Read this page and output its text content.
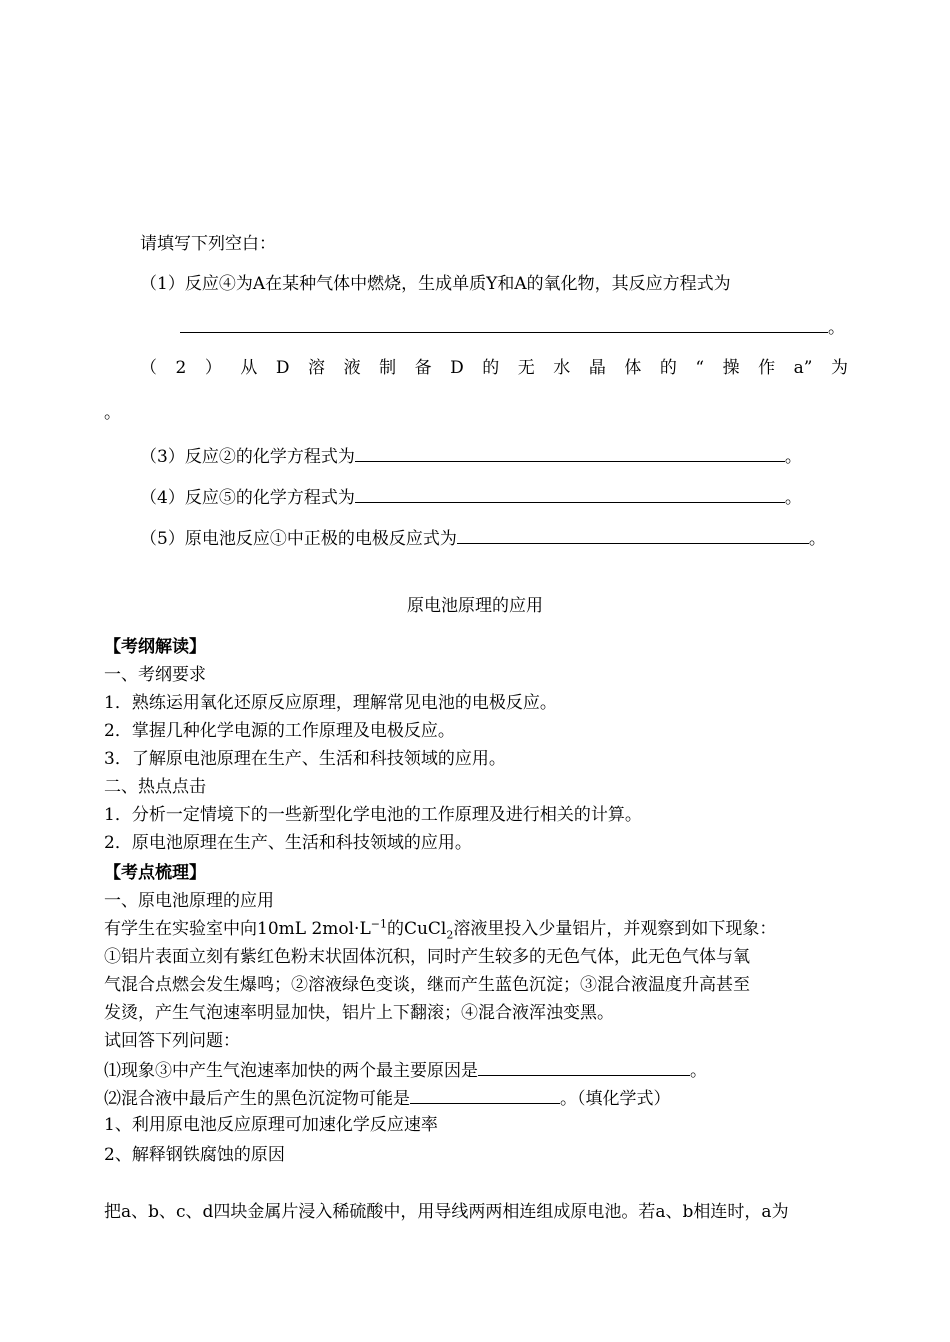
请填写下列空白：
（1）反应④为A在某种气体中燃烧，生成单质Y和A的氧化物，其反应方程式为
。
（ 2 ） 从 D 溶 液 制 备 D 的 无 水 晶 体 的 “ 操 作 a” 为
。
（3）反应②的化学方程式为	。
（4）反应⑤的化学方程式为	。
（5）原电池反应①中正极的电极反应式为	。
原电池原理的应用
【考纲解读】
一、考纲要求
1．熟练运用氧化还原反应原理，理解常见电池的电极反应。
2．掌握几种化学电源的工作原理及电极反应。
3．了解原电池原理在生产、生活和科技领域的应用。
二、热点点击
1．分析一定情境下的一些新型化学电池的工作原理及进行相关的计算。
2．原电池原理在生产、生活和科技领域的应用。
【考点梳理】
一、原电池原理的应用
有学生在实验室中向10mL $2mol\cdot L^{-1}$的CuCl$_2$溶液里投入少量铝片，并观察到如下现象：
①铝片表面立刻有紫红色粉末状固体沉积，同时产生较多的无色气体，此无色气体与氧
气混合点燃会发生爆鸣；②溶液绿色变谈，继而产生蓝色沉淀；③混合液温度升高甚至
发烫，产生气泡速率明显加快，铝片上下翻滚；④混合液浑浊变黑。
试回答下列问题：
⑴现象③中产生气泡速率加快的两个最主要原因是	。
⑵混合液中最后产生的黑色沉淀物可能是	。（填化学式）
1、利用原电池反应原理可加速化学反应速率
2、解释钢铁腐蚀的原因
把a、b、c、d四块金属片浸入稀硫酸中，用导线两两相连组成原电池。若a、b相连时，a为
